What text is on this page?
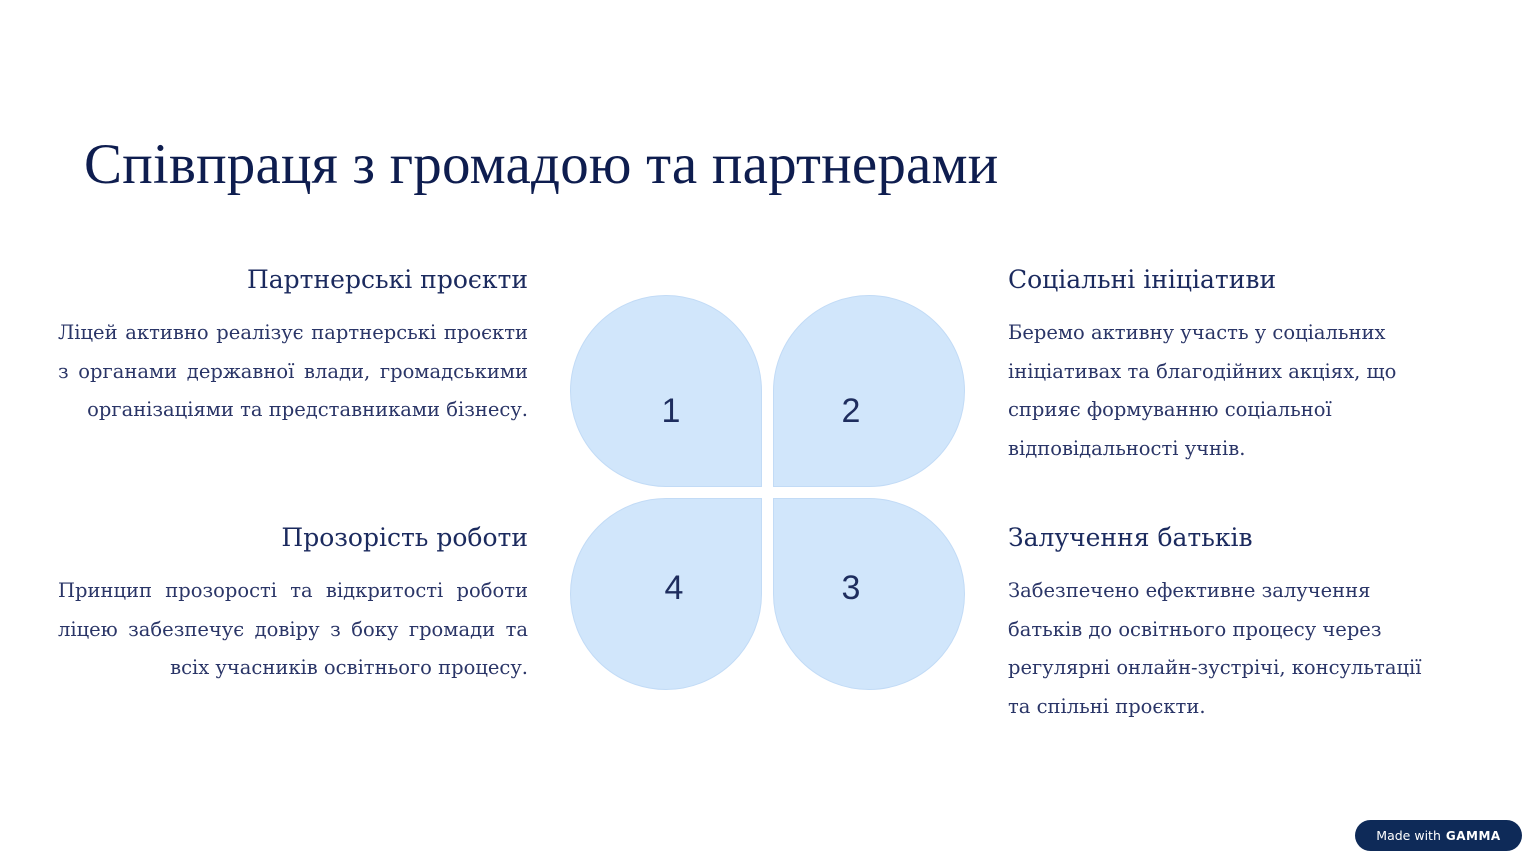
Співпраця з громадою та партнерами
Партнерські проєкти

Ліцей активно реалізує партнерські проєкти з органами державної влади, громадськими організаціями та представниками бізнесу.

Соціальні ініціативи

Беремо активну участь у соціальних ініціативах та благодійних акціях, що сприяє формуванню соціальної відповідальності учнів.

Прозорість роботи

Принцип прозорості та відкритості роботи ліцею забезпечує довіру з боку громади та всіх учасників освітнього процесу.

Залучення батьків

Забезпечено ефективне залучення батьків до освітнього процесу через регулярні онлайн-зустрічі, консультації та спільні проєкти.

1	2
4	3
Made with GAMMA
